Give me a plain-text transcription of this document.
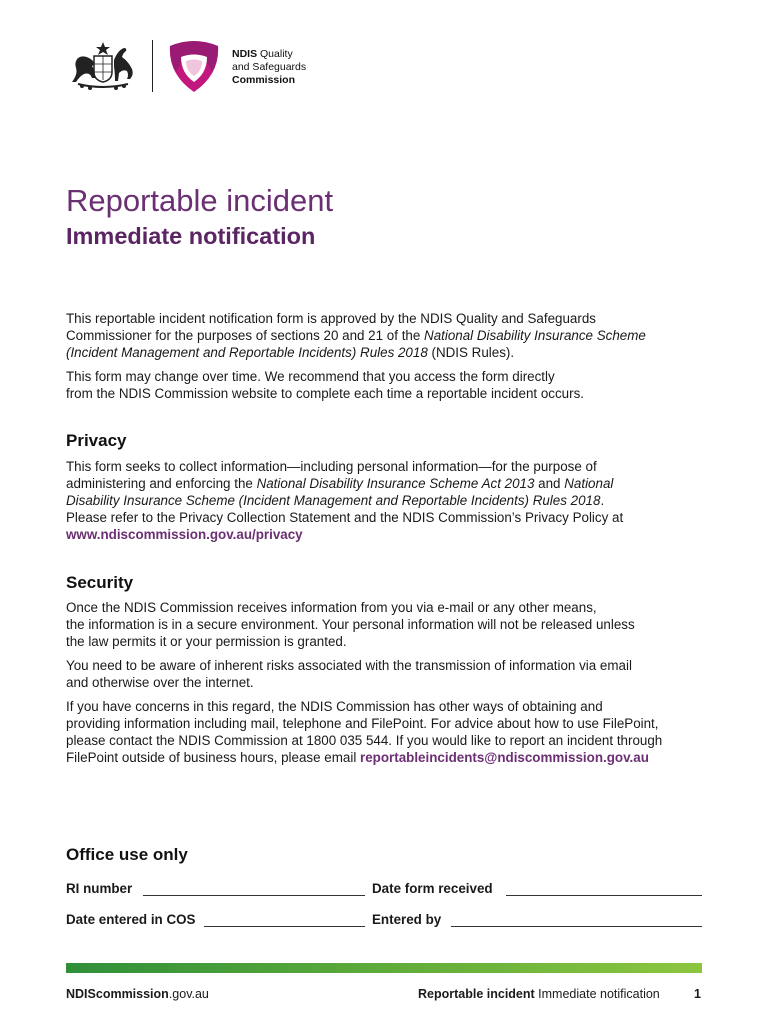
NDIS Quality
and Safeguards
Commission
Reportable incident
Immediate notification

This reportable incident notification form is approved by the NDIS Quality and Safeguards
Commissioner for the purposes of sections 20 and 21 of the National Disability Insurance Scheme
(Incident Management and Reportable Incidents) Rules 2018 (NDIS Rules).

This form may change over time. We recommend that you access the form directly
from the NDIS Commission website to complete each time a reportable incident occurs.

Privacy

This form seeks to collect information—including personal information—for the purpose of
administering and enforcing the National Disability Insurance Scheme Act 2013 and National
Disability Insurance Scheme (Incident Management and Reportable Incidents) Rules 2018.
Please refer to the Privacy Collection Statement and the NDIS Commission’s Privacy Policy at
www.ndiscommission.gov.au/privacy

Security

Once the NDIS Commission receives information from you via e-mail or any other means,
the information is in a secure environment. Your personal information will not be released unless
the law permits it or your permission is granted.

You need to be aware of inherent risks associated with the transmission of information via email
and otherwise over the internet.

If you have concerns in this regard, the NDIS Commission has other ways of obtaining and
providing information including mail, telephone and FilePoint. For advice about how to use FilePoint,
please contact the NDIS Commission at 1800 035 544. If you would like to report an incident through
FilePoint outside of business hours, please email reportableincidents@ndiscommission.gov.au

Office use only
RI number	Date form received
Date entered in COS	Entered by
NDIScommission.gov.au	Reportable incident Immediate notification	1
